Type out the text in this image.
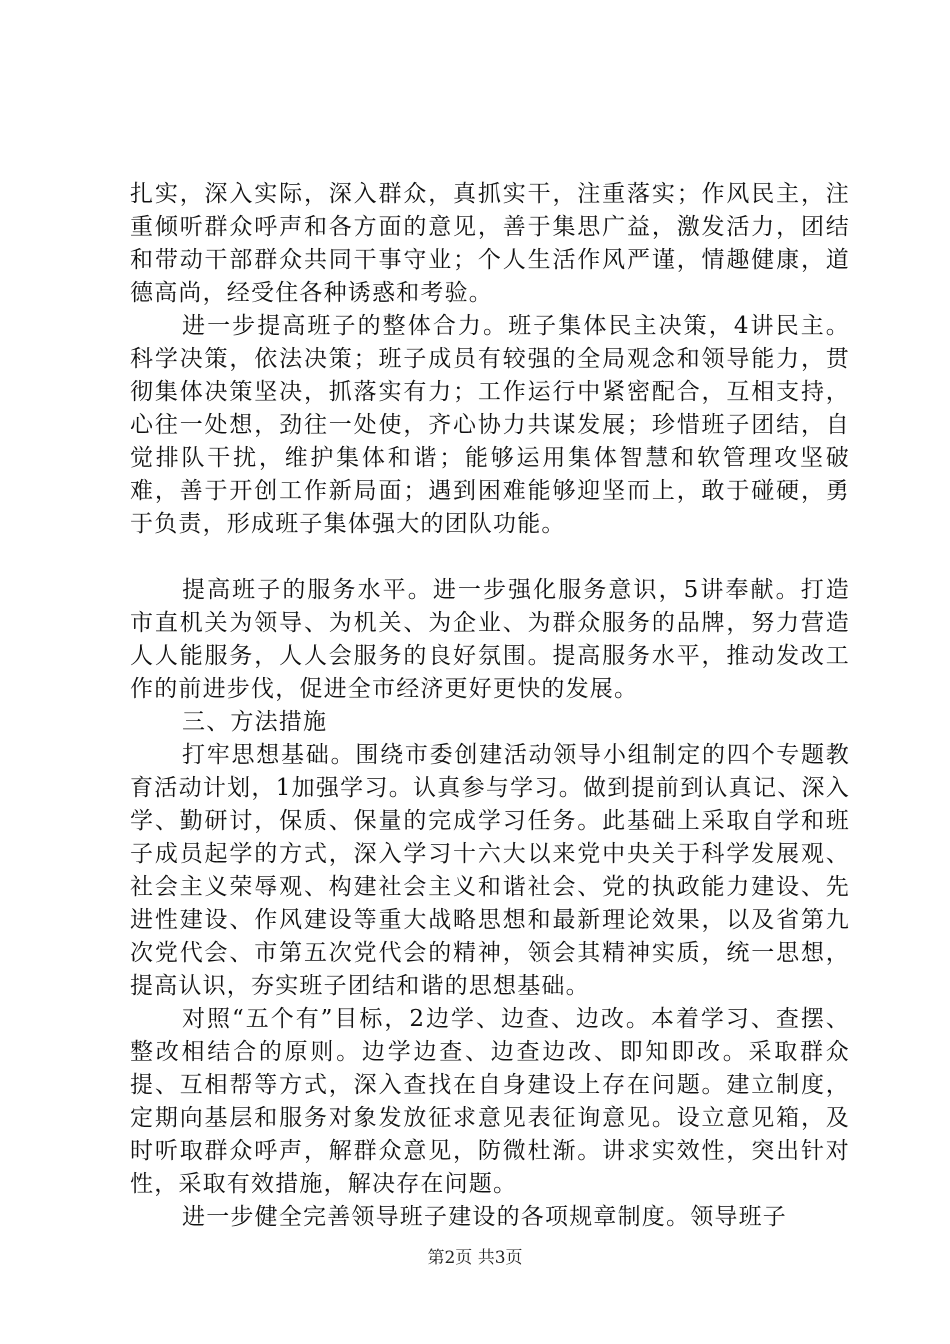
扎实，深入实际，深入群众，真抓实干，注重落实；作风民主，注重倾听群众呼声和各方面的意见，善于集思广益，激发活力，团结和带动干部群众共同干事守业；个人生活作风严谨，情趣健康，道德高尚，经受住各种诱惑和考验。

进一步提高班子的整体合力。班子集体民主决策，4讲民主。科学决策，依法决策；班子成员有较强的全局观念和领导能力，贯彻集体决策坚决，抓落实有力；工作运行中紧密配合，互相支持，心往一处想，劲往一处使，齐心协力共谋发展；珍惜班子团结，自觉排队干扰，维护集体和谐；能够运用集体智慧和软管理攻坚破难，善于开创工作新局面；遇到困难能够迎坚而上，敢于碰硬，勇于负责，形成班子集体强大的团队功能。

提高班子的服务水平。进一步强化服务意识，5讲奉献。打造市直机关为领导、为机关、为企业、为群众服务的品牌，努力营造人人能服务，人人会服务的良好氛围。提高服务水平，推动发改工作的前进步伐，促进全市经济更好更快的发展。

三、方法措施

打牢思想基础。围绕市委创建活动领导小组制定的四个专题教育活动计划，1加强学习。认真参与学习。做到提前到认真记、深入学、勤研讨，保质、保量的完成学习任务。此基础上采取自学和班子成员起学的方式，深入学习十六大以来党中央关于科学发展观、社会主义荣辱观、构建社会主义和谐社会、党的执政能力建设、先进性建设、作风建设等重大战略思想和最新理论效果，以及省第九次党代会、市第五次党代会的精神，领会其精神实质，统一思想，提高认识，夯实班子团结和谐的思想基础。

对照“五个有”目标，2边学、边查、边改。本着学习、查摆、整改相结合的原则。边学边查、边查边改、即知即改。采取群众提、互相帮等方式，深入查找在自身建设上存在问题。建立制度，定期向基层和服务对象发放征求意见表征询意见。设立意见箱，及时听取群众呼声，解群众意见，防微杜渐。讲求实效性，突出针对性，采取有效措施，解决存在问题。

进一步健全完善领导班子建设的各项规章制度。领导班子

第2页 共3页
